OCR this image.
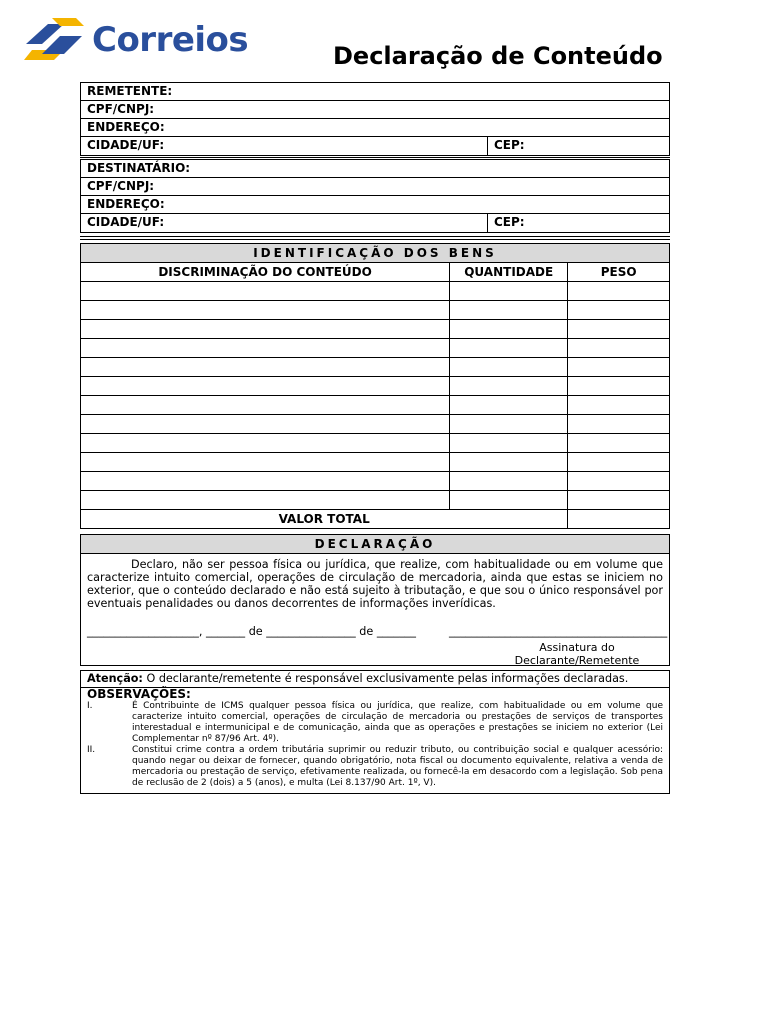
Correios	Declaração de Conteúdo
REMETENTE:
CPF/CNPJ:
ENDEREÇO:
CIDADE/UF:	CEP:
DESTINATÁRIO:
CPF/CNPJ:
ENDEREÇO:
CIDADE/UF:	CEP:
IDENTIFICAÇÃO DOS BENS
DISCRIMINAÇÃO DO CONTEÚDO	QUANTIDADE	PESO

VALOR TOTAL		
DECLARAÇÃO
Declaro, não ser pessoa física ou jurídica, que realize, com habitualidade ou em volume que caracterize intuito comercial, operações de circulação de mercadoria, ainda que estas se iniciem no exterior, que o conteúdo declarado e não está sujeito à tributação, e que sou o único responsável por eventuais penalidades ou danos decorrentes de informações inverídicas.
____________________, _______ de ________________ de _______	_______________________________________
Assinatura do
Declarante/Remetente
Atenção: O declarante/remetente é responsável exclusivamente pelas informações declaradas.
OBSERVAÇÕES:
I.	É Contribuinte de ICMS qualquer pessoa física ou jurídica, que realize, com habitualidade ou em volume que caracterize intuito comercial, operações de circulação de mercadoria ou prestações de serviços de transportes interestadual e intermunicipal e de comunicação, ainda que as operações e prestações se iniciem no exterior (Lei Complementar nº 87/96 Art. 4º).
II.	Constitui crime contra a ordem tributária suprimir ou reduzir tributo, ou contribuição social e qualquer acessório: quando negar ou deixar de fornecer, quando obrigatório, nota fiscal ou documento equivalente, relativa a venda de mercadoria ou prestação de serviço, efetivamente realizada, ou fornecê-la em desacordo com a legislação. Sob pena de reclusão de 2 (dois) a 5 (anos), e multa (Lei 8.137/90 Art. 1º, V).
